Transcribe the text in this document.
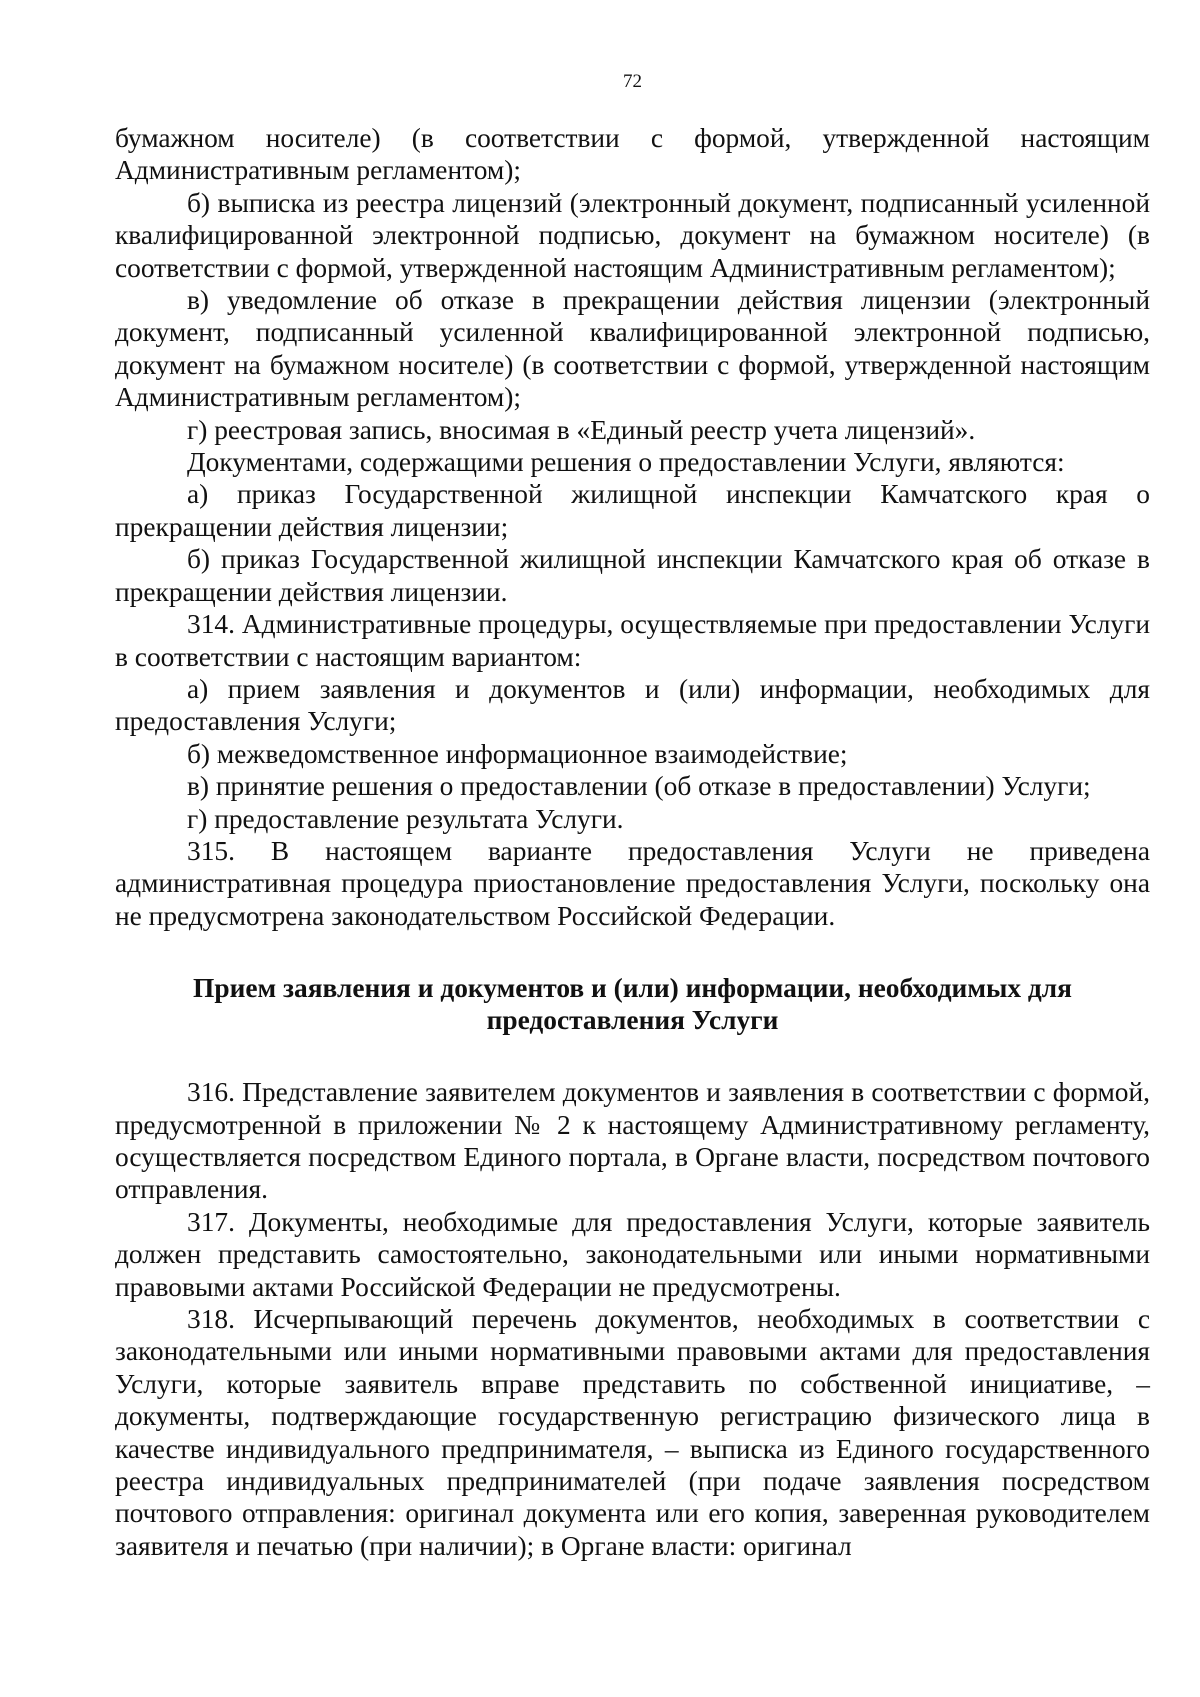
72

бумажном носителе) (в соответствии с формой, утвержденной настоящим Административным регламентом);

б) выписка из реестра лицензий (электронный документ, подписанный усиленной квалифицированной электронной подписью, документ на бумажном носителе) (в соответствии с формой, утвержденной настоящим Административным регламентом);

в) уведомление об отказе в прекращении действия лицензии (электронный документ, подписанный усиленной квалифицированной электронной подписью, документ на бумажном носителе) (в соответствии с формой, утвержденной настоящим Административным регламентом);

г) реестровая запись, вносимая в «Единый реестр учета лицензий».

Документами, содержащими решения о предоставлении Услуги, являются:

а) приказ Государственной жилищной инспекции Камчатского края о прекращении действия лицензии;

б) приказ Государственной жилищной инспекции Камчатского края об отказе в прекращении действия лицензии.

314. Административные процедуры, осуществляемые при предоставлении Услуги в соответствии с настоящим вариантом:

а) прием заявления и документов и (или) информации, необходимых для предоставления Услуги;

б) межведомственное информационное взаимодействие;

в) принятие решения о предоставлении (об отказе в предоставлении) Услуги;

г) предоставление результата Услуги.

315. В настоящем варианте предоставления Услуги не приведена административная процедура приостановление предоставления Услуги, поскольку она не предусмотрена законодательством Российской Федерации.

Прием заявления и документов и (или) информации, необходимых для
предоставления Услуги

316. Представление заявителем документов и заявления в соответствии с формой, предусмотренной в приложении № 2 к настоящему Административному регламенту, осуществляется посредством Единого портала, в Органе власти, посредством почтового отправления.

317. Документы, необходимые для предоставления Услуги, которые заявитель должен представить самостоятельно, законодательными или иными нормативными правовыми актами Российской Федерации не предусмотрены.

318. Исчерпывающий перечень документов, необходимых в соответствии с законодательными или иными нормативными правовыми актами для предоставления Услуги, которые заявитель вправе представить по собственной инициативе, – документы, подтверждающие государственную регистрацию физического лица в качестве индивидуального предпринимателя, – выписка из Единого государственного реестра индивидуальных предпринимателей (при подаче заявления посредством почтового отправления: оригинал документа или его копия, заверенная руководителем заявителя и печатью (при наличии); в Органе власти: оригинал
